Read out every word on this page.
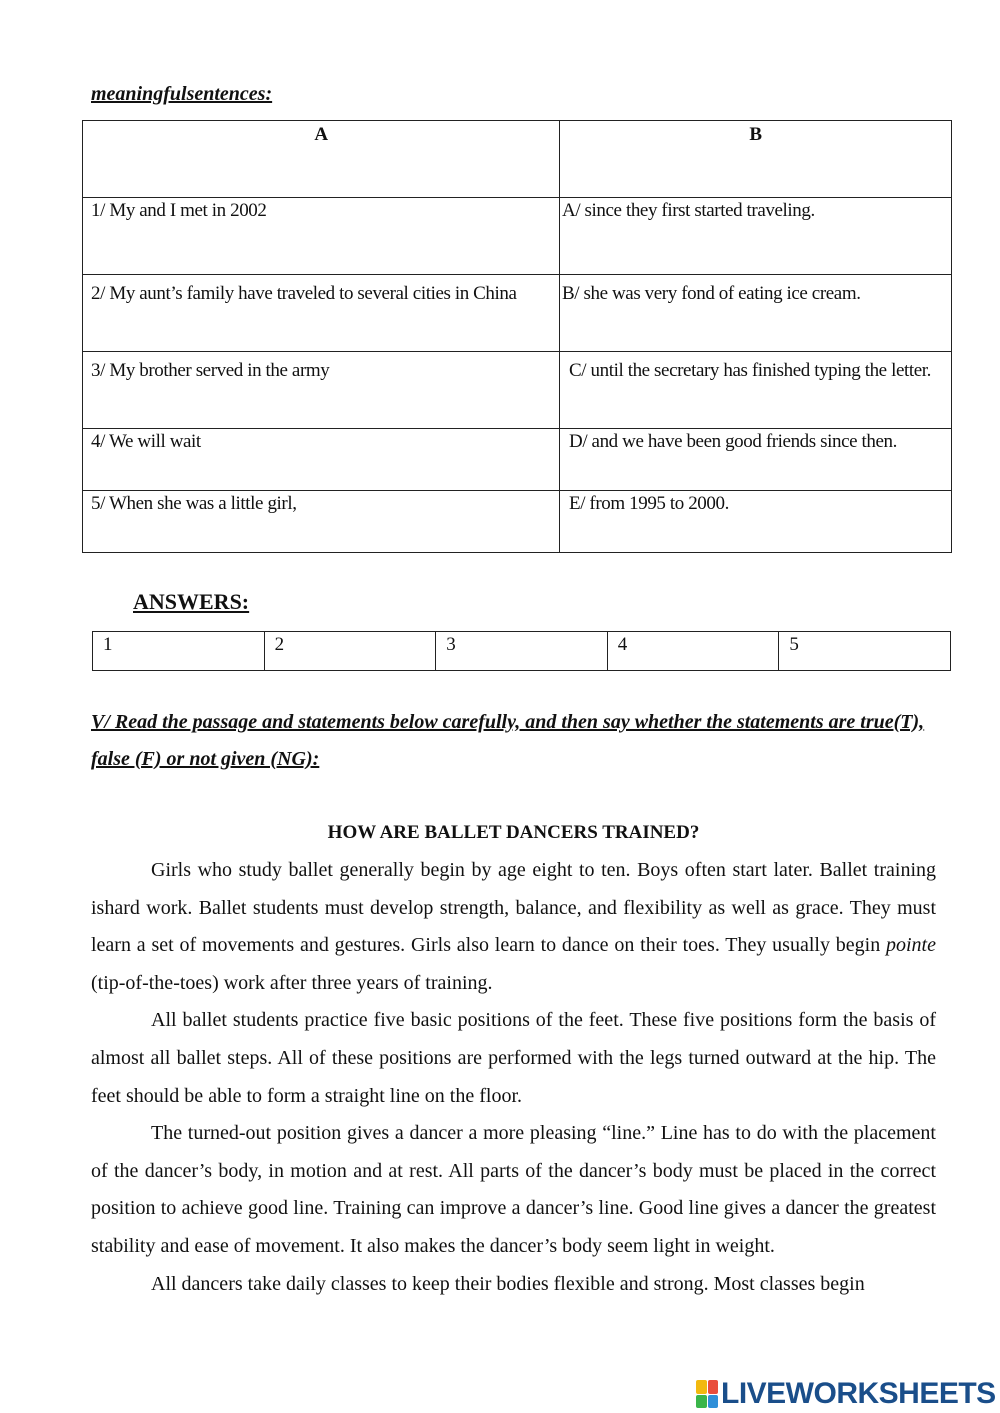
meaningfulsentences:
A	B
1/ My and I met in 2002	A/ since they first started traveling.
2/ My aunt’s family have traveled to several cities in China	B/ she was very fond of eating ice cream.
3/ My brother served in the army	C/ until the secretary has finished typing the letter.
4/ We will wait	D/ and we have been good friends since then.
5/ When she was a little girl,	E/ from 1995 to 2000.
ANSWERS:
1	2	3	4	5
V/ Read the passage and statements below carefully, and then say whether the statements are true(T), false (F) or not given (NG):
HOW ARE BALLET DANCERS TRAINED?

Girls who study ballet generally begin by age eight to ten. Boys often start later. Ballet training ishard work. Ballet students must develop strength, balance, and flexibility as well as grace. They must learn a set of movements and gestures. Girls also learn to dance on their toes. They usually begin pointe (tip-of-the-toes) work after three years of training.

All ballet students practice five basic positions of the feet. These five positions form the basis of almost all ballet steps. All of these positions are performed with the legs turned outward at the hip. The feet should be able to form a straight line on the floor.

The turned-out position gives a dancer a more pleasing “line.” Line has to do with the placement of the dancer’s body, in motion and at rest. All parts of the dancer’s body must be placed in the correct position to achieve good line. Training can improve a dancer’s line. Good line gives a dancer the greatest stability and ease of movement. It also makes the dancer’s body seem light in weight.

All dancers take daily classes to keep their bodies flexible and strong. Most classes begin

LIVEWORKSHEETS
